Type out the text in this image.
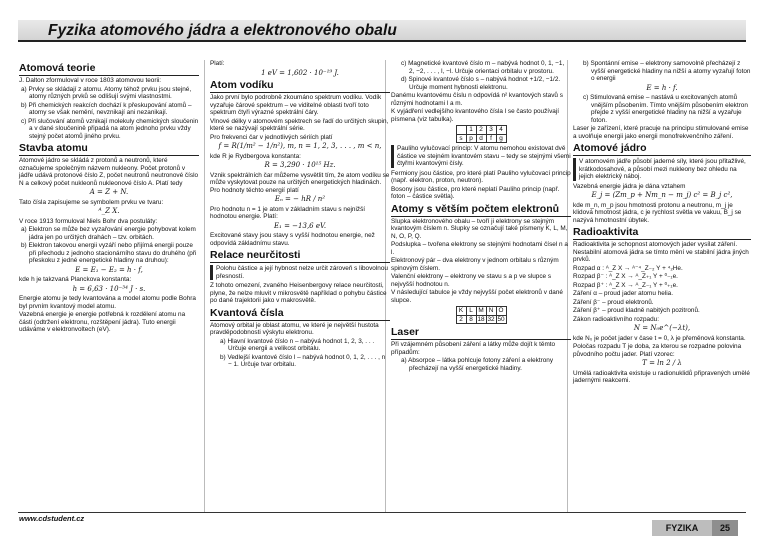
Fyzika atomového jádra a elektronového obalu
Atomová teorie

J. Dalton zformuloval v roce 1803 atomovou teorii:

a) Prvky se skládají z atomu. Atomy téhož prvku jsou stejné, atomy různých prvků se odlišují svými vlastnostmi.

b) Při chemických reakcích dochází k přeskupování atomů – atomy se však nemění, nevznikají ani nezanikají.

c) Při slučování atomů vznikají molekuly chemických sloučenin a v dané sloučenině připadá na atom jednoho prvku vždy stejný počet atomů jiného prvku.

Stavba atomu

Atomové jádro se skládá z protonů a neutronů, které označujeme společným názvem nukleony. Počet protonů v jádře udává protonové číslo Z, počet neutronů neutronové číslo N a celkový počet nukleonů nukleonové číslo A. Platí tedy

A = Z + N.

Tato čísla zapisujeme se symbolem prvku ve tvaru:

ᴬ_Z X.

V roce 1913 formuloval Niels Bohr dva postuláty:

a) Elektron se může bez vyzařování energie pohybovat kolem jádra jen po určitých drahách – tzv. orbitách.

b) Elektron takovou energii vyzáří nebo přijímá energii pouze při přechodu z jednoho stacionárního stavu do druhého (při přeskoku z jedné energetické hladiny na druhou):

E = E₁ − E₂ = h · f,

kde h je takzvaná Planckova konstanta:

h = 6,63 · 10⁻³⁴ J · s.

Energie atomu je tedy kvantována a model atomu podle Bohra byl prvním kvantový model atomu.

Vazebná energie je energie potřebná k rozdělení atomu na části (odtržení elektronu, rozštěpení jádra). Tuto energii udáváme v elektronvoltech (eV).

Platí:

1 eV = 1,602 · 10⁻¹⁹ J.
Atom vodíku

Jako první bylo podrobně zkoumáno spektrum vodíku. Vodík vyzařuje čárové spektrum – ve viditelné oblasti tvoří toto spektrum čtyři výrazné spektrální čáry.

Vlnové délky v atomovém spektrech se řadí do určitých skupin, které se nazývají spektrální série.

Pro frekvenci čar v jednotlivých sériích platí

f = R(1/m² − 1/n²), m, n = 1, 2, 3, . . . , m < n,

kde R je Rydbergova konstanta:

R = 3,290 · 10¹⁵ Hz.

Vznik spektrálních čar můžeme vysvětlit tím, že atom vodíku se může vyskytovat pouze na určitých energetických hladinách. Pro hodnoty těchto energií platí

Eₙ = − hR / n²

Pro hodnotu n = 1 je atom v základním stavu s nejnižší hodnotou energie. Platí:

E₁ = −13,6 eV.

Excitované stavy jsou stavy s vyšší hodnotou energie, než odpovídá základnímu stavu.

Relace neurčitosti

Polohu částice a její hybnost nelze určit zároveň s libovolnou přesností.

Z tohoto omezení, zvaného Heisenbergovy relace neurčitosti, plyne, že nelze mluvit v mikrosvětě například o pohybu částice po dané trajektorii jako v makrosvětě.

Kvantová čísla

Atomový orbital je oblast atomu, ve které je největší hustota pravděpodobnosti výskytu elektronu.

a) Hlavní kvantové číslo n – nabývá hodnot 1, 2, 3, . . . Určuje energii a velikost orbitalu.

b) Vedlejší kvantové číslo l – nabývá hodnot 0, 1, 2, . . . , n − 1. Určuje tvar orbitalu.

c) Magnetické kvantové číslo m – nabývá hodnot 0, 1, −1, 2, −2, . . . , l, −l. Určuje orientaci orbitalu v prostoru.

d) Spinové kvantové číslo s – nabývá hodnot +1/2, −1/2. Určuje moment hybnosti elektronu.

Danému kvantovému číslu n odpovídá n² kvantových stavů s různými hodnotami l a m.

K vyjádření vedlejšího kvantového čísla l se často používají písmena (viz tabulka).

	1	2	3	4
s	p	d	f	g

Pauliho vylučovací princip: V atomu nemohou existovat dvě částice ve stejném kvantovém stavu – tedy se stejnými všemi čtyřmi kvantovými čísly.

Fermiony jsou částice, pro které platí Pauliho vylučovací princip (např. elektron, proton, neutron).

Bosony jsou částice, pro které neplatí Pauliho princip (např. foton – částice světla).

Atomy s větším počtem elektronů

Slupka elektronového obalu – tvoří ji elektrony se stejným kvantovým číslem n. Slupky se označují také písmeny K, L, M, N, O, P, Q.

Podslupka – tvořena elektrony se stejnými hodnotami čísel n a l.

Elektronový pár – dva elektrony v jednom orbitalu s různým spinovým číslem.

Valenční elektrony – elektrony ve stavu s a p ve slupce s nejvyšší hodnotou n.

V následující tabulce je vždy nejvyšší počet elektronů v dané slupce.

K	L	M	N	O
2	8	18	32	50
Laser

Při vzájemném působení záření a látky může dojít k těmto případům:

a) Absorpce – látka pohlcuje fotony záření a elektrony přecházejí na vyšší energetické hladiny.

b) Spontánní emise – elektrony samovolně přecházejí z vyšší energetické hladiny na nižší a atomy vyzařují foton o energii

E = h · f.

c) Stimulovaná emise – nastává u excitovaných atomů vnějším působením. Tímto vnějším působením elektron přejde z vyšší energetické hladiny na nižší a vyzařuje foton.

Laser je zařízení, které pracuje na principu stimulované emise a uvolňuje energii jako energii monofrekvenčního záření.

Atomové jádro

V atomovém jádře působí jaderné síly, které jsou přitažlivé, krátkodosahové, a působí mezi nukleony bez ohledu na jejich elektrický náboj.

Vazebná energie jádra je dána vztahem

E_j = (Zm_p + Nm_n − m_j) c² = B_j c²,

kde m_n, m_p jsou hmotnosti protonu a neutronu, m_j je klidová hmotnost jádra, c je rychlost světla ve vakuu, B_j se nazývá hmotnostní úbytek.

Radioaktivita

Radioaktivita je schopnost atomových jader vysílat záření. Nestabilní atomová jádra se tímto mění ve stabilní jádra jiných prvků.

Rozpad α : ᴬ_Z X → ᴬ⁻⁴_Z₋₂ Y + ⁴₂He.

Rozpad β⁻ : ᴬ_Z X → ᴬ_Z₊₁ Y + ⁰₋₁e.

Rozpad β⁺ : ᴬ_Z X → ᴬ_Z₋₁ Y + ⁰₊₁e.

Záření α – proud jader atomu helia.

Záření β⁻ – proud elektronů.

Záření β⁺ – proud kladně nabitých pozitronů.

Zákon radioaktivního rozpadu:

N = N₀e^(−λt),

kde N₀ je počet jader v čase t = 0, λ je přeměnová konstanta.

Poločas rozpadu T je doba, za kterou se rozpadne polovina původního počtu jader. Platí vzorec:

T = ln 2 / λ

Umělá radioaktivita existuje u radionuklidů připravených umělé jadernými reakcemi.

www.cdstudent.cz
FYZIKA	25
